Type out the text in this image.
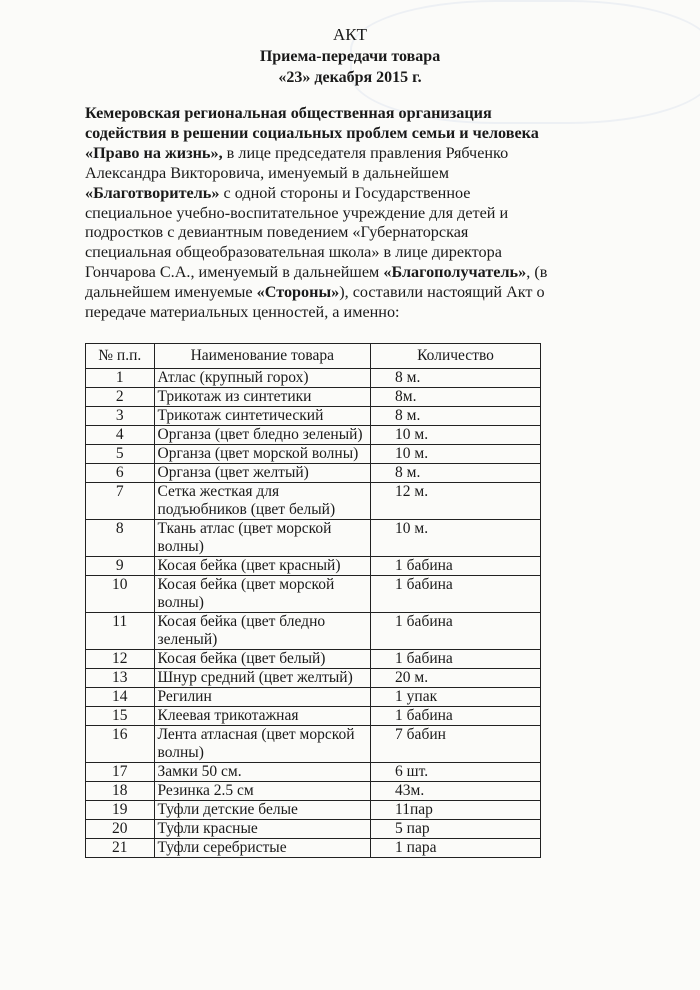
АКТ
Приема-передачи товара
«23» декабря 2015 г.
Кемеровская региональная общественная организация содействия в решении социальных проблем семьи и человека «Право на жизнь», в лице председателя правления Рябченко Александра Викторовича, именуемый в дальнейшем «Благотворитель» с одной стороны и Государственное специальное учебно-воспитательное учреждение для детей и подростков с девиантным поведением «Губернаторская специальная общеобразовательная школа» в лице директора Гончарова С.А., именуемый в дальнейшем «Благополучатель», (в дальнейшем именуемые «Стороны»), составили настоящий Акт о передаче материальных ценностей, а именно:
№ п.п.	Наименование товара	Количество
1	Атлас (крупный горох)	8 м.
2	Трикотаж из синтетики	8м.
3	Трикотаж синтетический	8 м.
4	Органза (цвет бледно зеленый)	10 м.
5	Органза (цвет морской волны)	10 м.
6	Органза (цвет желтый)	8 м.
7	Сетка жесткая для подъюбников (цвет белый)	12 м.
8	Ткань атлас (цвет морской волны)	10 м.
9	Косая бейка (цвет красный)	1 бабина
10	Косая бейка (цвет морской волны)	1 бабина
11	Косая бейка (цвет бледно зеленый)	1 бабина
12	Косая бейка (цвет белый)	1 бабина
13	Шнур средний (цвет желтый)	20 м.
14	Регилин	1 упак
15	Клеевая трикотажная	1 бабина
16	Лента атласная (цвет морской волны)	7 бабин
17	Замки 50 см.	6 шт.
18	Резинка 2.5 см	43м.
19	Туфли детские белые	11пар
20	Туфли красные	5 пар
21	Туфли серебристые	1 пара
